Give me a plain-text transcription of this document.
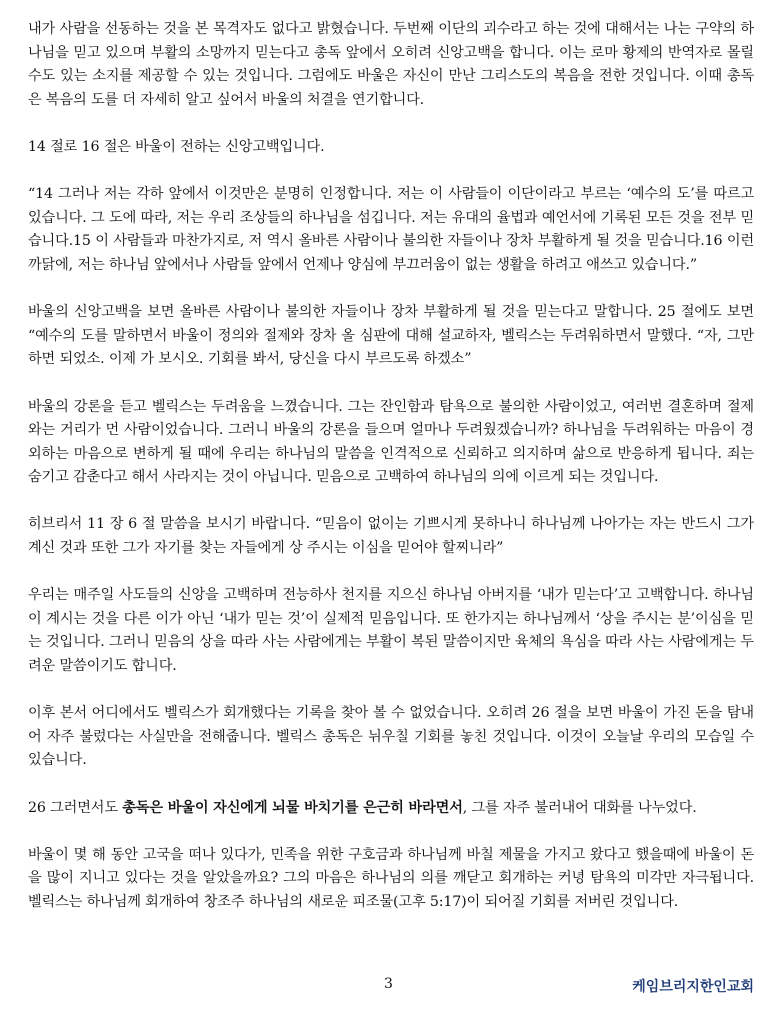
내가 사람을 선동하는 것을 본 목격자도 없다고 밝혔습니다. 두번째 이단의 괴수라고 하는 것에 대해서는 나는 구약의 하나님을 믿고 있으며 부활의 소망까지 믿는다고 총독 앞에서 오히려 신앙고백을 합니다. 이는 로마 황제의 반역자로 몰릴 수도 있는 소지를 제공할 수 있는 것입니다. 그럼에도 바울은 자신이 만난 그리스도의 복음을 전한 것입니다. 이때 총독은 복음의 도를 더 자세히 알고 싶어서 바울의 처결을 연기합니다.

14 절로 16 절은 바울이 전하는 신앙고백입니다.

“14 그러나 저는 각하 앞에서 이것만은 분명히 인정합니다. 저는 이 사람들이 이단이라고 부르는 ‘예수의 도’를 따르고 있습니다. 그 도에 따라, 저는 우리 조상들의 하나님을 섬깁니다. 저는 유대의 율법과 예언서에 기록된 모든 것을 전부 믿습니다.15 이 사람들과 마찬가지로, 저 역시 올바른 사람이나 불의한 자들이나 장차 부활하게 될 것을 믿습니다.16 이런 까닭에, 저는 하나님 앞에서나 사람들 앞에서 언제나 양심에 부끄러움이 없는 생활을 하려고 애쓰고 있습니다.”

바울의 신앙고백을 보면 올바른 사람이나 불의한 자들이나 장차 부활하게 될 것을 믿는다고 말합니다. 25 절에도 보면 “예수의 도를 말하면서 바울이 정의와 절제와 장차 올 심판에 대해 설교하자, 벨릭스는 두려워하면서 말했다. “자, 그만하면 되었소. 이제 가 보시오. 기회를 봐서, 당신을 다시 부르도록 하겠소”

바울의 강론을 듣고 벨릭스는 두려움을 느꼈습니다. 그는 잔인함과 탐욕으로 불의한 사람이었고, 여러번 결혼하며 절제와는 거리가 먼 사람이었습니다. 그러니 바울의 강론을 들으며 얼마나 두려웠겠습니까? 하나님을 두려워하는 마음이 경외하는 마음으로 변하게 될 때에 우리는 하나님의 말씀을 인격적으로 신뢰하고 의지하며 삶으로 반응하게 됩니다. 죄는 숨기고 감춘다고 해서 사라지는 것이 아닙니다. 믿음으로 고백하여 하나님의 의에 이르게 되는 것입니다.

히브리서 11 장 6 절 말씀을 보시기 바랍니다. “믿음이 없이는 기쁘시게 못하나니 하나님께 나아가는 자는 반드시 그가 계신 것과 또한 그가 자기를 찾는 자들에게 상 주시는 이심을 믿어야 할찌니라”

우리는 매주일 사도들의 신앙을 고백하며 전능하사 천지를 지으신 하나님 아버지를 ‘내가 믿는다’고 고백합니다. 하나님이 계시는 것을 다른 이가 아닌 ‘내가 믿는 것’이 실제적 믿음입니다. 또 한가지는 하나님께서 ‘상을 주시는 분’이심을 믿는 것입니다. 그러니 믿음의 상을 따라 사는 사람에게는 부활이 복된 말씀이지만 육체의 욕심을 따라 사는 사람에게는 두려운 말씀이기도 합니다.

이후 본서 어디에서도 벨릭스가 회개했다는 기록을 찾아 볼 수 없었습니다. 오히려 26 절을 보면 바울이 가진 돈을 탐내어 자주 불렀다는 사실만을 전해줍니다. 벨릭스 총독은 뉘우칠 기회를 놓친 것입니다. 이것이 오늘날 우리의 모습일 수 있습니다.

26 그러면서도 총독은 바울이 자신에게 뇌물 바치기를 은근히 바라면서, 그를 자주 불러내어 대화를 나누었다.

바울이 몇 해 동안 고국을 떠나 있다가, 민족을 위한 구호금과 하나님께 바칠 제물을 가지고 왔다고 했을때에 바울이 돈을 많이 지니고 있다는 것을 알았을까요? 그의 마음은 하나님의 의를 깨닫고 회개하는 커녕 탐욕의 미각만 자극됩니다. 벨릭스는 하나님께 회개하여 창조주 하나님의 새로운 피조물(고후 5:17)이 되어질 기회를 저버린 것입니다.

3	케임브리지한인교회
